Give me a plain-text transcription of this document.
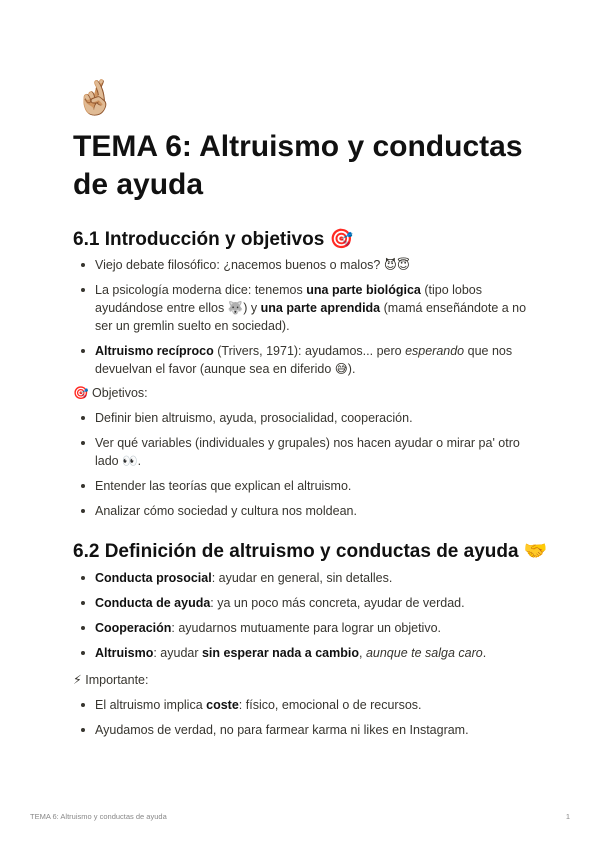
🤞🏼
TEMA 6: Altruismo y conductas de ayuda
6.1 Introducción y objetivos 🎯
Viejo debate filosófico: ¿nacemos buenos o malos? 😈😇
La psicología moderna dice: tenemos una parte biológica (tipo lobos ayudándose entre ellos 🐺) y una parte aprendida (mamá enseñándote a no ser un gremlin suelto en sociedad).
Altruismo recíproco (Trivers, 1971): ayudamos... pero esperando que nos devuelvan el favor (aunque sea en diferido 😅).
🎯 Objetivos:
Definir bien altruismo, ayuda, prosocialidad, cooperación.
Ver qué variables (individuales y grupales) nos hacen ayudar o mirar pa' otro lado 👀.
Entender las teorías que explican el altruismo.
Analizar cómo sociedad y cultura nos moldean.
6.2 Definición de altruismo y conductas de ayuda 🤝
Conducta prosocial: ayudar en general, sin detalles.
Conducta de ayuda: ya un poco más concreta, ayudar de verdad.
Cooperación: ayudarnos mutuamente para lograr un objetivo.
Altruismo: ayudar sin esperar nada a cambio, aunque te salga caro.
⚡ Importante:
El altruismo implica coste: físico, emocional o de recursos.
Ayudamos de verdad, no para farmear karma ni likes en Instagram.
TEMA 6: Altruismo y conductas de ayuda	1
